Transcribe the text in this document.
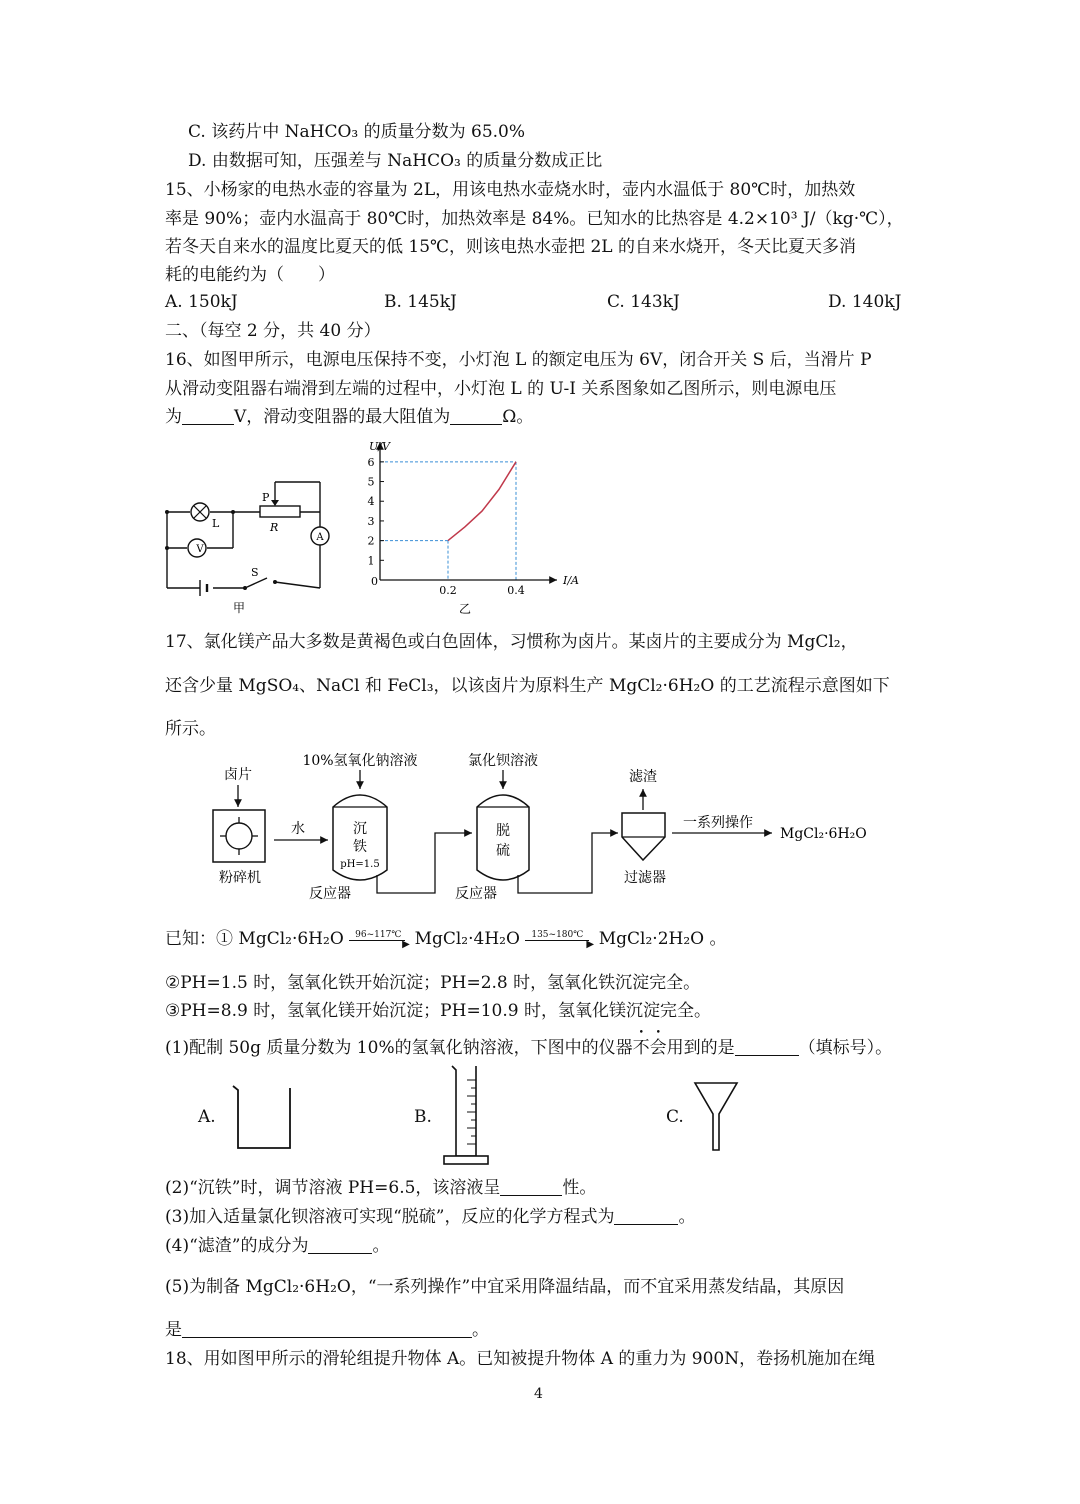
C. 该药片中 NaHCO₃ 的质量分数为 65.0%
D. 由数据可知，压强差与 NaHCO₃ 的质量分数成正比
15、小杨家的电热水壶的容量为 2L，用该电热水壶烧水时，壶内水温低于 80℃时，加热效
率是 90%；壶内水温高于 80℃时，加热效率是 84%。已知水的比热容是 4.2×10³ J/（kg·℃），
若冬天自来水的温度比夏天的低 15℃，则该电热水壶把 2L 的自来水烧开，冬天比夏天多消
耗的电能约为（　　）
A. 150kJ	B. 145kJ	C. 143kJ	D. 140kJ
二、（每空 2 分，共 40 分）
16、如图甲所示，电源电压保持不变，小灯泡 L 的额定电压为 6V，闭合开关 S 后，当滑片 P
从滑动变阻器右端滑到左端的过程中，小灯泡 L 的 U-I 关系图象如乙图所示，则电源电压
为	V，滑动变阻器的最大阻值为	Ω。
V
A
L
P
R
S
甲
1
2
3
4
5
6
0.2	0.4
U/V
I/A
0
乙
17、氯化镁产品大多数是黄褐色或白色固体，习惯称为卤片。某卤片的主要成分为 MgCl₂，
还含少量 MgSO₄、NaCl 和 FeCl₃，以该卤片为原料生产 MgCl₂·6H₂O 的工艺流程示意图如下
所示。
卤片
粉碎机
水
10%氢氧化钠溶液
沉
铁
pH=1.5
反应器
氯化钡溶液
脱
硫
反应器
滤渣
过滤器
一系列操作
MgCl₂·6H₂O
已知：① MgCl₂·6H₂O 96~117℃
▶ MgCl₂·4H₂O 135~180℃
▶ MgCl₂·2H₂O 。
②PH=1.5 时，氢氧化铁开始沉淀；PH=2.8 时，氢氧化铁沉淀完全。
③PH=8.9 时，氢氧化镁开始沉淀；PH=10.9 时，氢氧化镁沉淀完全。
(1)配制 50g 质量分数为 10%的氢氧化钠溶液，下图中的仪器不会用到的是	（填标号）。
A.	B.	C.
(2)“沉铁”时，调节溶液 PH=6.5，该溶液呈	性。
(3)加入适量氯化钡溶液可实现“脱硫”，反应的化学方程式为	。
(4)“滤渣”的成分为	。
(5)为制备 MgCl₂·6H₂O，“一系列操作”中宜采用降温结晶，而不宜采用蒸发结晶，其原因
是	。
18、用如图甲所示的滑轮组提升物体 A。已知被提升物体 A 的重力为 900N，卷扬机施加在绳
4
